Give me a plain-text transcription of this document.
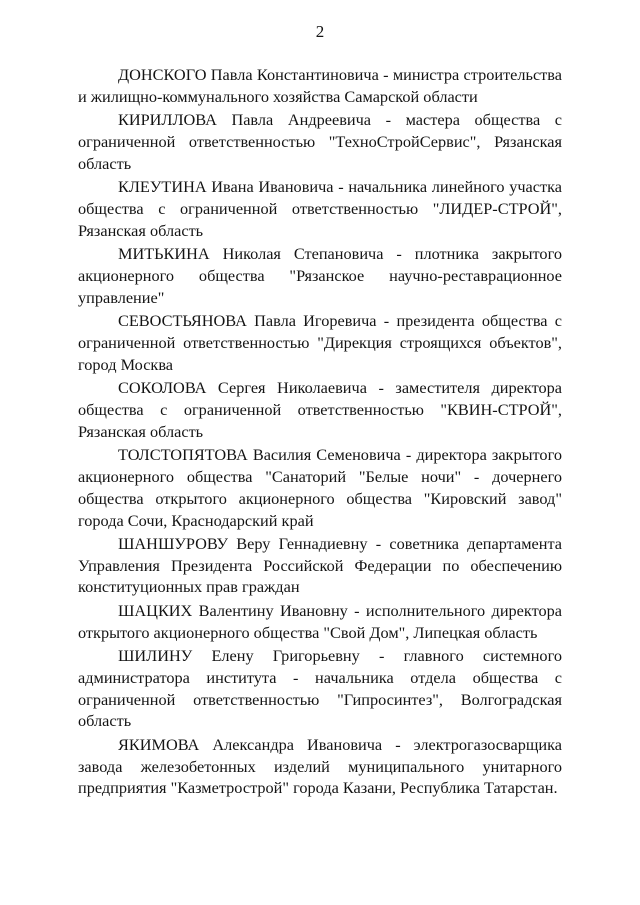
2

ДОНСКОГО Павла Константиновича - министра строительства и жилищно-коммунального хозяйства Самарской области

КИРИЛЛОВА Павла Андреевича - мастера общества с ограниченной ответственностью "ТехноСтройСервис", Рязанская область

КЛЕУТИНА Ивана Ивановича - начальника линейного участка общества с ограниченной ответственностью "ЛИДЕР-СТРОЙ", Рязанская область

МИТЬКИНА Николая Степановича - плотника закрытого акционерного общества "Рязанское научно-реставрационное управление"

СЕВОСТЬЯНОВА Павла Игоревича - президента общества с ограниченной ответственностью "Дирекция строящихся объектов", город Москва

СОКОЛОВА Сергея Николаевича - заместителя директора общества с ограниченной ответственностью "КВИН-СТРОЙ", Рязанская область

ТОЛСТОПЯТОВА Василия Семеновича - директора закрытого акционерного общества "Санаторий "Белые ночи" - дочернего общества открытого акционерного общества "Кировский завод" города Сочи, Краснодарский край

ШАНШУРОВУ Веру Геннадиевну - советника департамента Управления Президента Российской Федерации по обеспечению конституционных прав граждан

ШАЦКИХ Валентину Ивановну - исполнительного директора открытого акционерного общества "Свой Дом", Липецкая область

ШИЛИНУ Елену Григорьевну - главного системного администратора института - начальника отдела общества с ограниченной ответственностью "Гипросинтез", Волгоградская область

ЯКИМОВА Александра Ивановича - электрогазосварщика завода железобетонных изделий муниципального унитарного предприятия "Казметрострой" города Казани, Республика Татарстан.
